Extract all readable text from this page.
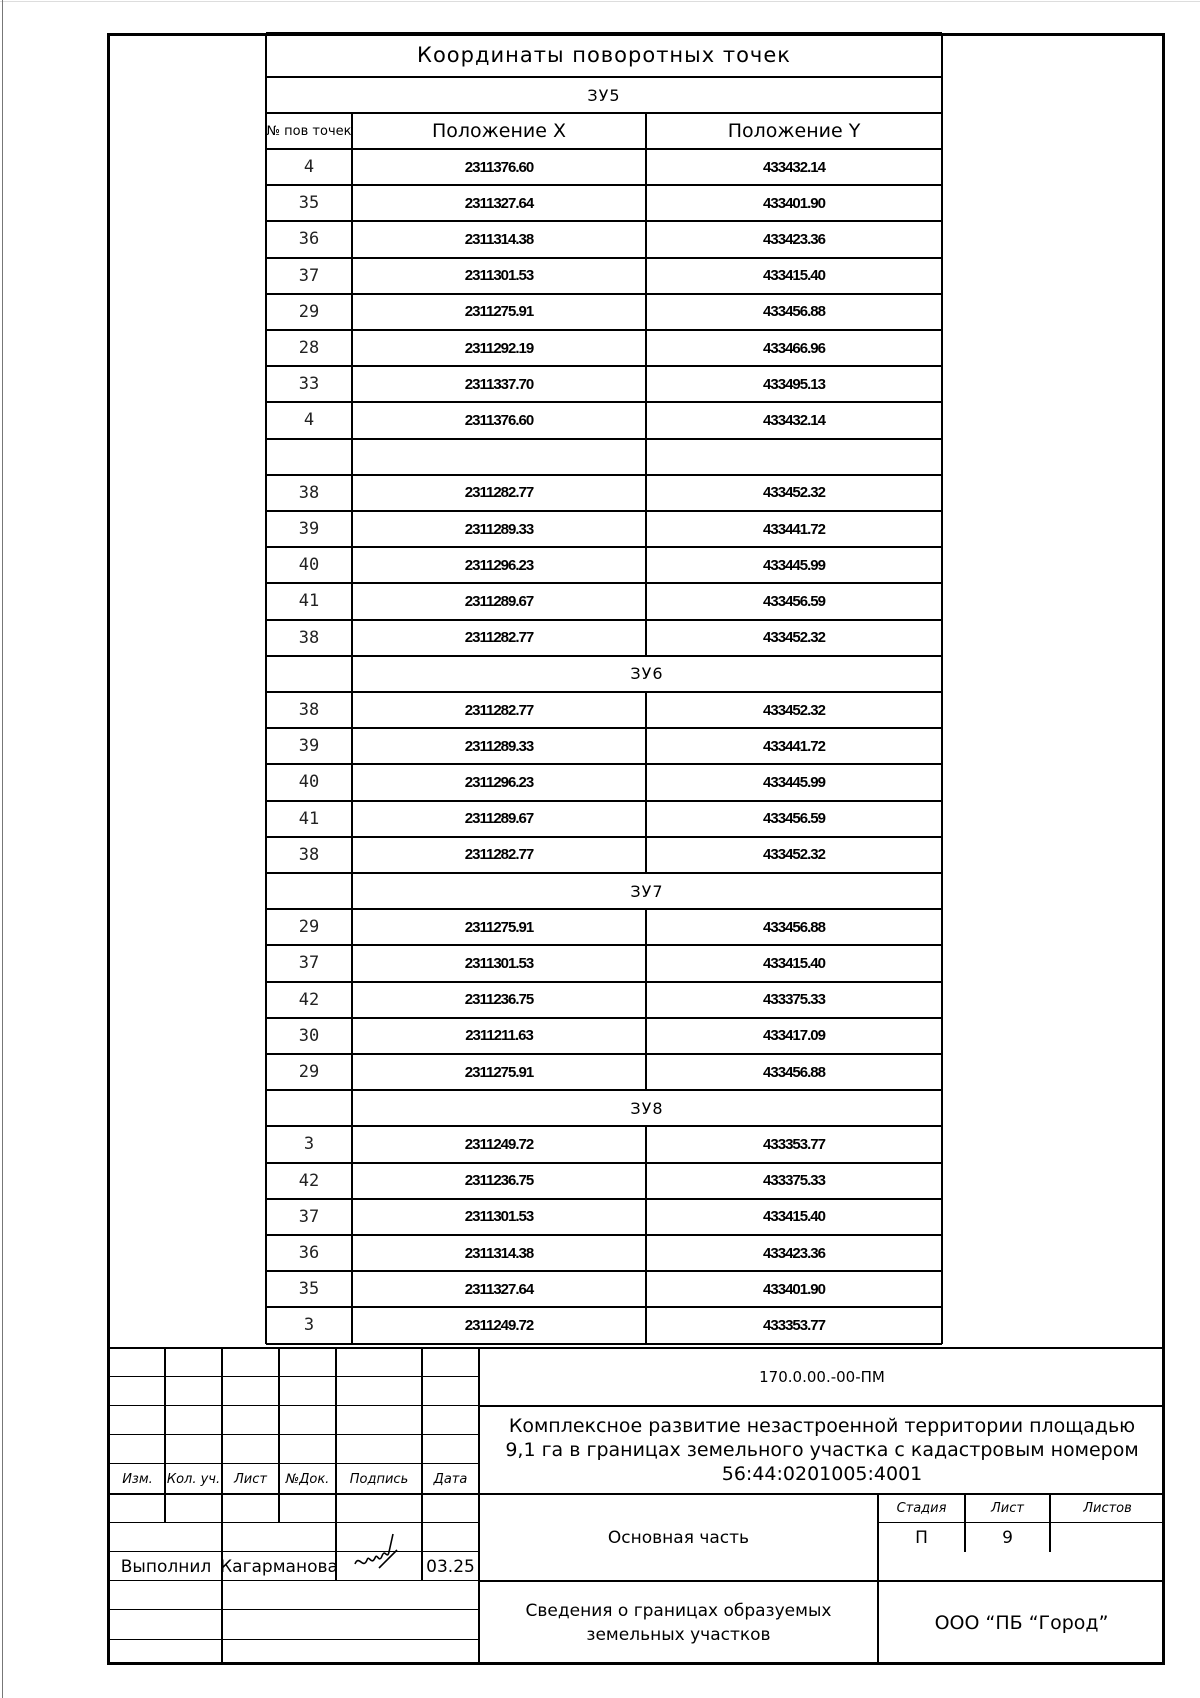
Координаты поворотных точек
ЗУ5
№ пов точек	Положение X	Положение Y
4	2311376.60	433432.14
35	2311327.64	433401.90
36	2311314.38	433423.36
37	2311301.53	433415.40
29	2311275.91	433456.88
28	2311292.19	433466.96
33	2311337.70	433495.13
4	2311376.60	433432.14
38	2311282.77	433452.32
39	2311289.33	433441.72
40	2311296.23	433445.99
41	2311289.67	433456.59
38	2311282.77	433452.32
ЗУ6
38	2311282.77	433452.32
39	2311289.33	433441.72
40	2311296.23	433445.99
41	2311289.67	433456.59
38	2311282.77	433452.32
ЗУ7
29	2311275.91	433456.88
37	2311301.53	433415.40
42	2311236.75	433375.33
30	2311211.63	433417.09
29	2311275.91	433456.88
ЗУ8
3	2311249.72	433353.77
42	2311236.75	433375.33
37	2311301.53	433415.40
36	2311314.38	433423.36
35	2311327.64	433401.90
3	2311249.72	433353.77
Изм.	Кол. уч.	Лист	№Док.	Подпись	Дата
Выполнил Кагарманова	03.25
170.0.00.-00-ПМ
Комплексное развитие незастроенной территории площадью 9,1 га в границах земельного участка с кадастровым номером 56:44:0201005:4001
Стадия	Лист	Листов
П	9
Основная часть
Сведения о границах образуемых земельных участков
ООО “ПБ “Город”
